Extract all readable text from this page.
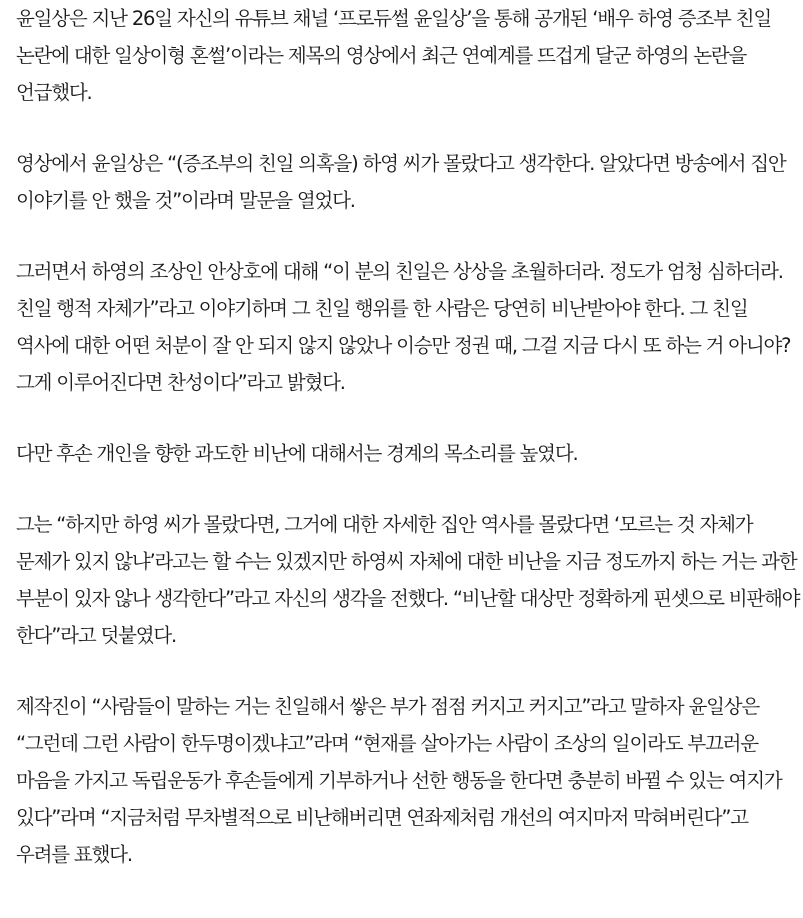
윤일상은 지난 26일 자신의 유튜브 채널 ‘프로듀썰 윤일상’을 통해 공개된 ‘배우 하영 증조부 친일 논란에 대한 일상이형 혼썰’이라는 제목의 영상에서 최근 연예계를 뜨겁게 달군 하영의 논란을 언급했다.

영상에서 윤일상은 “(증조부의 친일 의혹을) 하영 씨가 몰랐다고 생각한다. 알았다면 방송에서 집안 이야기를 안 했을 것”이라며 말문을 열었다.

그러면서 하영의 조상인 안상호에 대해 “이 분의 친일은 상상을 초월하더라. 정도가 엄청 심하더라. 친일 행적 자체가”라고 이야기하며 그 친일 행위를 한 사람은 당연히 비난받아야 한다. 그 친일 역사에 대한 어떤 처분이 잘 안 되지 않지 않았나 이승만 정권 때, 그걸 지금 다시 또 하는 거 아니야? 그게 이루어진다면 찬성이다”라고 밝혔다.

다만 후손 개인을 향한 과도한 비난에 대해서는 경계의 목소리를 높였다.

그는 “하지만 하영 씨가 몰랐다면, 그거에 대한 자세한 집안 역사를 몰랐다면 ‘모르는 것 자체가 문제가 있지 않냐’라고는 할 수는 있겠지만 하영씨 자체에 대한 비난을 지금 정도까지 하는 거는 과한 부분이 있자 않나 생각한다”라고 자신의 생각을 전했다. “비난할 대상만 정확하게 핀셋으로 비판해야 한다”라고 덧붙였다.

제작진이 “사람들이 말하는 거는 친일해서 쌓은 부가 점점 커지고 커지고”라고 말하자 윤일상은 “그런데 그런 사람이 한두명이겠냐고”라며 “현재를 살아가는 사람이 조상의 일이라도 부끄러운 마음을 가지고 독립운동가 후손들에게 기부하거나 선한 행동을 한다면 충분히 바뀔 수 있는 여지가 있다”라며 “지금처럼 무차별적으로 비난해버리면 연좌제처럼 개선의 여지마저 막혀버린다”고 우려를 표했다.
